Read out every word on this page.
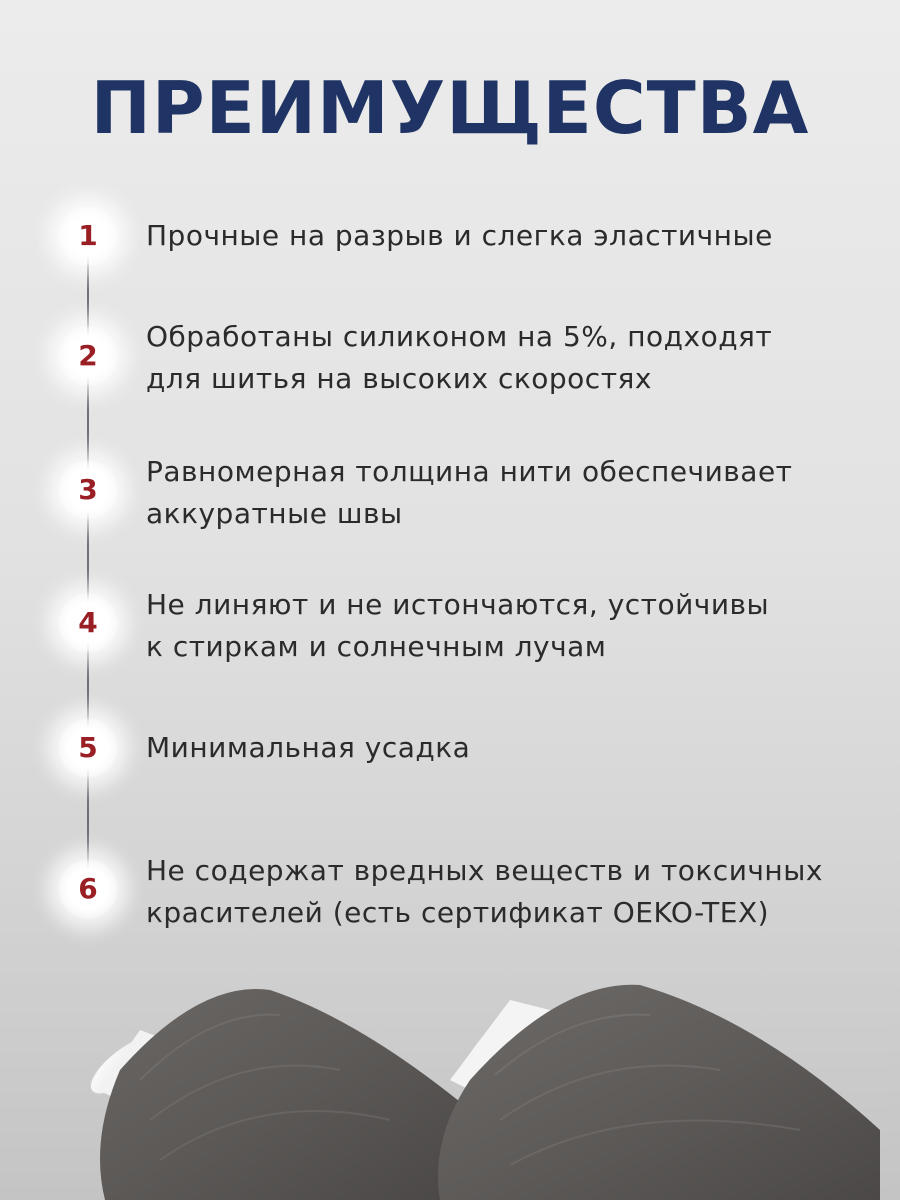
ПРЕИМУЩЕСТВА
1	Прочные на разрыв и слегка эластичные
2
Обработаны силиконом на 5%, подходят
для шитья на высоких скоростях
3
Равномерная толщина нити обеспечивает
аккуратные швы
4
Не линяют и не истончаются, устойчивы
к стиркам и солнечным лучам
5	Минимальная усадка
6
Не содержат вредных веществ и токсичных
красителей (есть сертификат OEKO-TEX)
